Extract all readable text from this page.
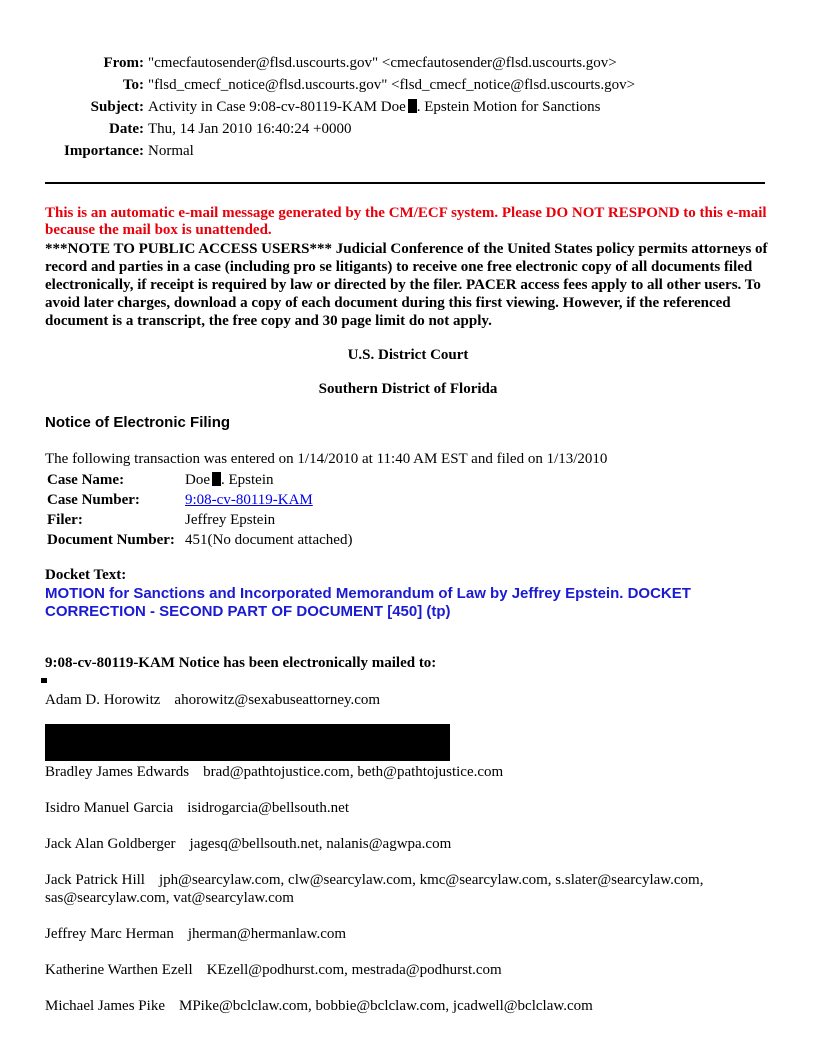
From: "cmecfautosender@flsd.uscourts.gov" <cmecfautosender@flsd.uscourts.gov>
To: "flsd_cmecf_notice@flsd.uscourts.gov" <flsd_cmecf_notice@flsd.uscourts.gov>
Subject: Activity in Case 9:08-cv-80119-KAM Doe . Epstein Motion for Sanctions
Date: Thu, 14 Jan 2010 16:40:24 +0000
Importance: Normal
This is an automatic e-mail message generated by the CM/ECF system. Please DO NOT RESPOND to this e-mail because the mail box is unattended.
***NOTE TO PUBLIC ACCESS USERS*** Judicial Conference of the United States policy permits attorneys of record and parties in a case (including pro se litigants) to receive one free electronic copy of all documents filed electronically, if receipt is required by law or directed by the filer. PACER access fees apply to all other users. To avoid later charges, download a copy of each document during this first viewing. However, if the referenced document is a transcript, the free copy and 30 page limit do not apply.
U.S. District Court
Southern District of Florida
Notice of Electronic Filing
The following transaction was entered on 1/14/2010 at 11:40 AM EST and filed on 1/13/2010
Case Name:	Doe . Epstein
Case Number:	9:08-cv-80119-KAM
Filer:	Jeffrey Epstein
Document Number:	451(No document attached)
Docket Text:
MOTION for Sanctions and Incorporated Memorandum of Law by Jeffrey Epstein. DOCKET CORRECTION - SECOND PART OF DOCUMENT [450] (tp)
9:08-cv-80119-KAM Notice has been electronically mailed to:
Adam D. Horowitz ahorowitz@sexabuseattorney.com
Bradley James Edwards brad@pathtojustice.com, beth@pathtojustice.com
Isidro Manuel Garcia isidrogarcia@bellsouth.net
Jack Alan Goldberger jagesq@bellsouth.net, nalanis@agwpa.com
Jack Patrick Hill jph@searcylaw.com, clw@searcylaw.com, kmc@searcylaw.com, s.slater@searcylaw.com, sas@searcylaw.com, vat@searcylaw.com
Jeffrey Marc Herman jherman@hermanlaw.com
Katherine Warthen Ezell KEzell@podhurst.com, mestrada@podhurst.com
Michael James Pike MPike@bclclaw.com, bobbie@bclclaw.com, jcadwell@bclclaw.com
